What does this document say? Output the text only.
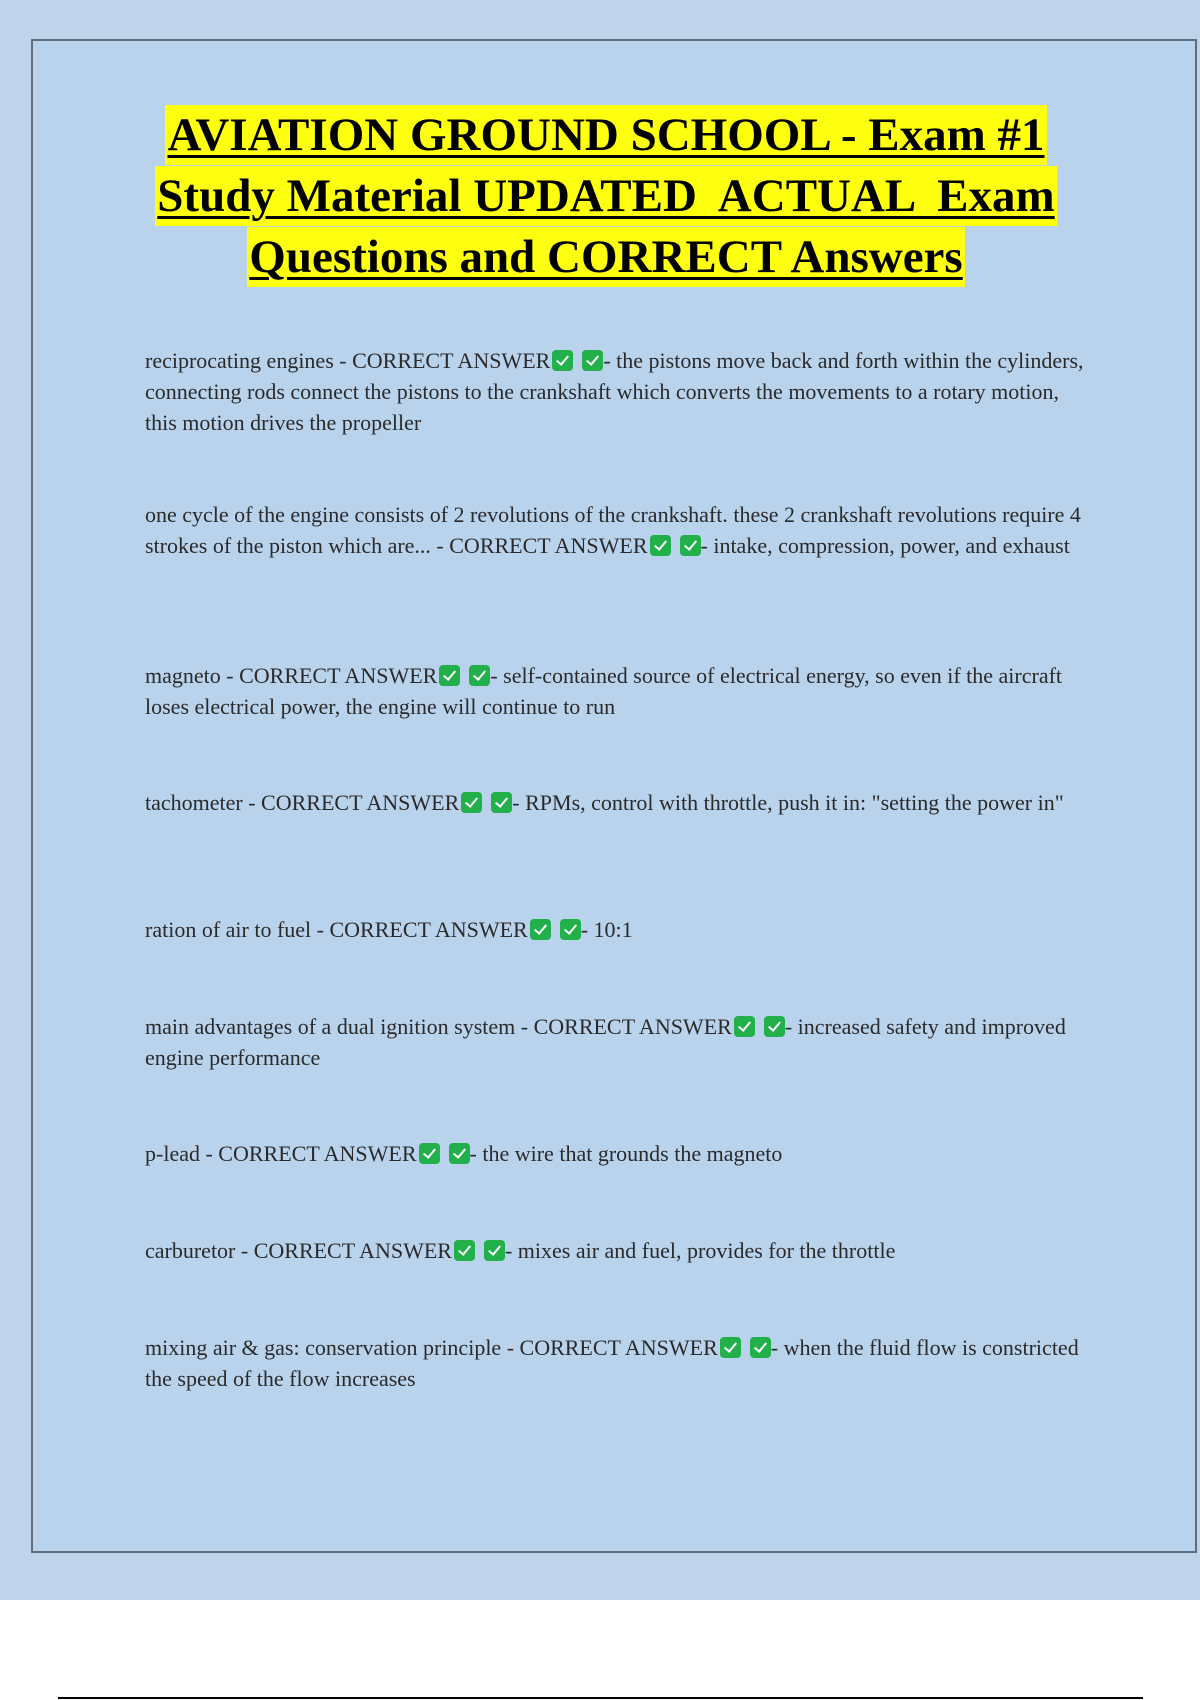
AVIATION GROUND SCHOOL - Exam #1
Study Material UPDATED  ACTUAL  Exam
Questions and CORRECT Answers
reciprocating engines - CORRECT ANSWER - the pistons move back and forth within the cylinders, connecting rods connect the pistons to the crankshaft which converts the movements to a rotary motion, this motion drives the propeller
one cycle of the engine consists of 2 revolutions of the crankshaft. these 2 crankshaft revolutions require 4 strokes of the piston which are... - CORRECT ANSWER - intake, compression, power, and exhaust
magneto - CORRECT ANSWER - self-contained source of electrical energy, so even if the aircraft loses electrical power, the engine will continue to run
tachometer - CORRECT ANSWER - RPMs, control with throttle, push it in: "setting the power in"
ration of air to fuel - CORRECT ANSWER - 10:1
main advantages of a dual ignition system - CORRECT ANSWER - increased safety and improved engine performance
p-lead - CORRECT ANSWER - the wire that grounds the magneto
carburetor - CORRECT ANSWER - mixes air and fuel, provides for the throttle
mixing air & gas: conservation principle - CORRECT ANSWER - when the fluid flow is constricted the speed of the flow increases
